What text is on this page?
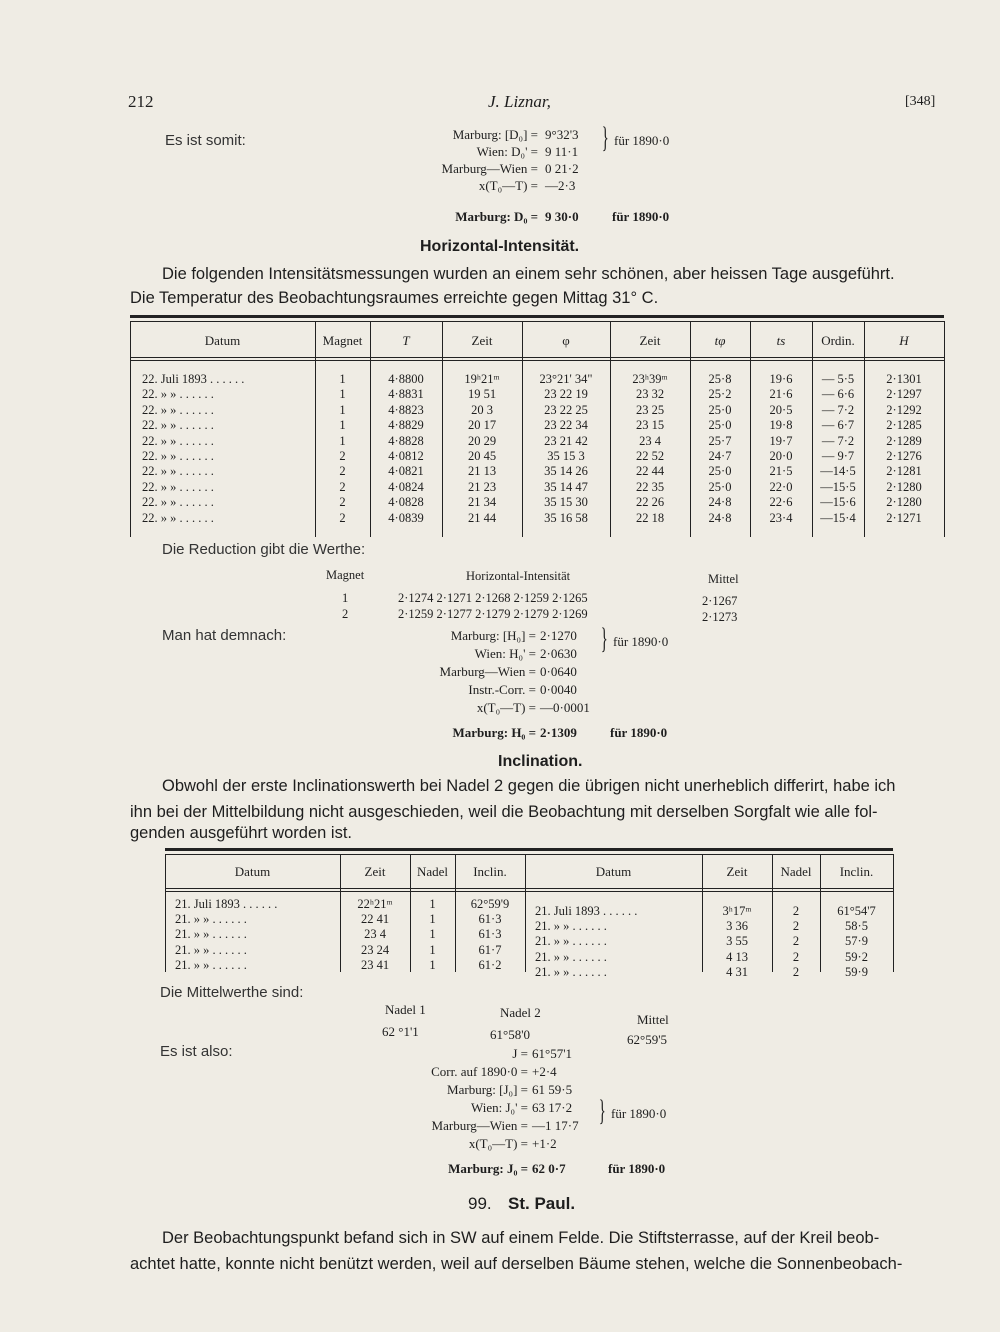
212	J. Liznar,	[348]
Es ist somit:	Marburg: [D₀] = 9°32'3
Wien: D₀' = 9 11·1
Marburg—Wien = 0 21·2
x(T₀—T) = —2·3
} für 1890·0
Marburg: D₀ = 9 30·0	für 1890·0
Horizontal-Intensität.
Die folgenden Intensitätsmessungen wurden an einem sehr schönen, aber heissen Tage ausgeführt.
Die Temperatur des Beobachtungsraumes erreichte gegen Mittag 31° C.
Datum	Magnet	T	Zeit	φ	Zeit	tφ	ts	Ordin.	H
22. Juli 1893 . . . . . .	1	4·8800	19ʰ21ᵐ	23°21' 34"	23ʰ39ᵐ	25·8	19·6	— 5·5	2·1301
22. » » . . . . . .	1	4·8831	19 51	23 22 19	23 32	25·2	21·6	— 6·6	2·1297
22. » » . . . . . .	1	4·8823	20 3	23 22 25	23 25	25·0	20·5	— 7·2	2·1292
22. » » . . . . . .	1	4·8829	20 17	23 22 34	23 15	25·0	19·8	— 6·7	2·1285
22. » » . . . . . .	1	4·8828	20 29	23 21 42	23 4	25·7	19·7	— 7·2	2·1289
22. » » . . . . . .	2	4·0812	20 45	35 15 3	22 52	24·7	20·0	— 9·7	2·1276
22. » » . . . . . .	2	4·0821	21 13	35 14 26	22 44	25·0	21·5	—14·5	2·1281
22. » » . . . . . .	2	4·0824	21 23	35 14 47	22 35	25·0	22·0	—15·5	2·1280
22. » » . . . . . .	2	4·0828	21 34	35 15 30	22 26	24·8	22·6	—15·6	2·1280
22. » » . . . . . .	2	4·0839	21 44	35 16 58	22 18	24·8	23·4	—15·4	2·1271
Die Reduction gibt die Werthe:
Magnet	Horizontal-Intensität	Mittel
1	2·1274 2·1271 2·1268 2·1259 2·1265	2·1267
2	2·1259 2·1277 2·1279 2·1279 2·1269	2·1273
Man hat demnach:	Marburg: [H₀] = 2·1270
Wien: H₀' = 2·0630
Marburg—Wien = 0·0640
Instr.-Corr. = 0·0040
x(T₀—T) = —0·0001
} für 1890·0
Marburg: H₀ = 2·1309	für 1890·0
Inclination.
Obwohl der erste Inclinationswerth bei Nadel 2 gegen die übrigen nicht unerheblich differirt, habe ich
ihn bei der Mittelbildung nicht ausgeschieden, weil die Beobachtung mit derselben Sorgfalt wie alle fol-
genden ausgeführt worden ist.
Datum	Zeit	Nadel	Inclin.	Datum	Zeit	Nadel	Inclin.
21. Juli 1893 . . . . . .	22ʰ21ᵐ	1	62°59'9	21. Juli 1893 . . . . . .	3ʰ17ᵐ	2	61°54'7
21. » » . . . . . .	22 41	1	61·3	21. » » . . . . . .	3 36	2	58·5
21. » » . . . . . .	23 4	1	61·3	21. » » . . . . . .	3 55	2	57·9
21. » » . . . . . .	23 24	1	61·7	21. » » . . . . . .	4 13	2	59·2
21. » » . . . . . .	23 41	1	61·2	21. » » . . . . . .	4 31	2	59·9
Die Mittelwerthe sind:
Nadel 1	Nadel 2	Mittel
62 °1'1	61°58'0	62°59'5
Es ist also:	J = 61°57'1
Corr. auf 1890·0 = +2·4
Marburg: [J₀] = 61 59·5
Wien: J₀' = 63 17·2
Marburg—Wien = —1 17·7
x(T₀—T) = +1·2
} für 1890·0
Marburg: J₀ = 62 0·7	für 1890·0
99. St. Paul.
Der Beobachtungspunkt befand sich in SW auf einem Felde. Die Stiftsterrasse, auf der Kreil beob-
achtet hatte, konnte nicht benützt werden, weil auf derselben Bäume stehen, welche die Sonnenbeobach-
